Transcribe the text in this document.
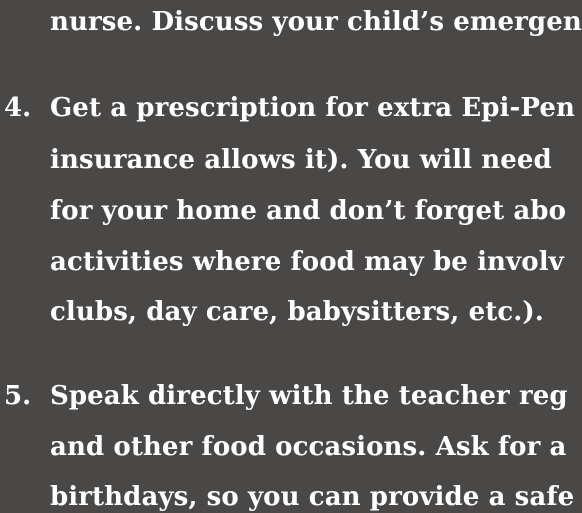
nurse. Discuss your child’s emergen
4. Get a prescription for extra Epi-Pen
insurance allows it). You will need
for your home and don’t forget abo
activities where food may be involv
clubs, day care, babysitters, etc.).
5. Speak directly with the teacher reg
and other food occasions. Ask for a
birthdays, so you can provide a safe
